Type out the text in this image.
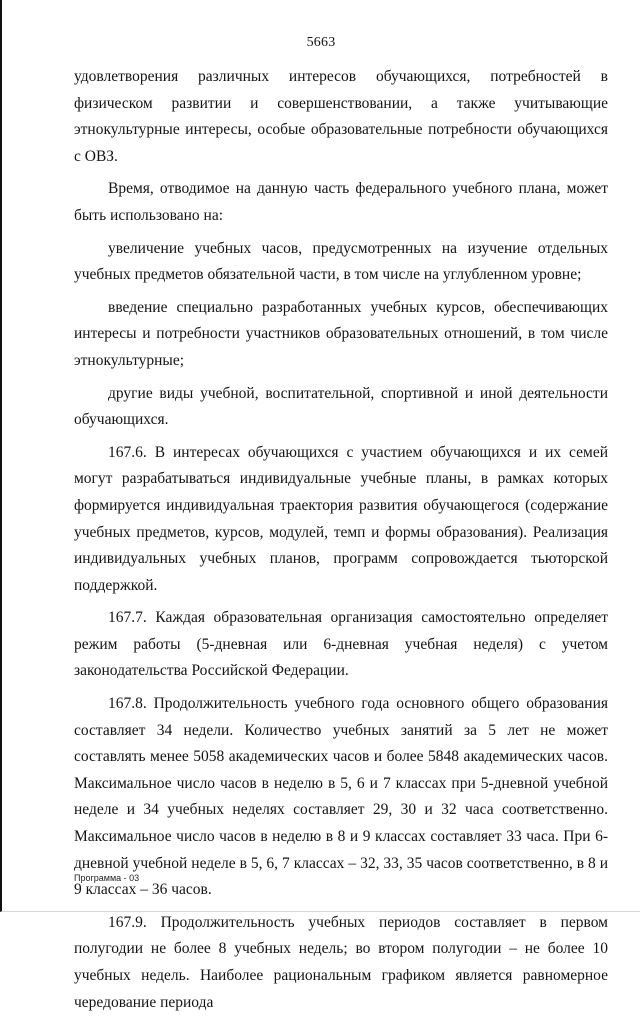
5663

удовлетворения различных интересов обучающихся, потребностей в физическом развитии и совершенствовании, а также учитывающие этнокультурные интересы, особые образовательные потребности обучающихся с ОВЗ.

Время, отводимое на данную часть федерального учебного плана, может быть использовано на:

увеличение учебных часов, предусмотренных на изучение отдельных учебных предметов обязательной части, в том числе на углубленном уровне;

введение специально разработанных учебных курсов, обеспечивающих интересы и потребности участников образовательных отношений, в том числе этнокультурные;

другие виды учебной, воспитательной, спортивной и иной деятельности обучающихся.

167.6. В интересах обучающихся с участием обучающихся и их семей могут разрабатываться индивидуальные учебные планы, в рамках которых формируется индивидуальная траектория развития обучающегося (содержание учебных предметов, курсов, модулей, темп и формы образования). Реализация индивидуальных учебных планов, программ сопровождается тьюторской поддержкой.

167.7. Каждая образовательная организация самостоятельно определяет режим работы (5-дневная или 6-дневная учебная неделя) с учетом законодательства Российской Федерации.

167.8. Продолжительность учебного года основного общего образования составляет 34 недели. Количество учебных занятий за 5 лет не может составлять менее 5058 академических часов и более 5848 академических часов. Максимальное число часов в неделю в 5, 6 и 7 классах при 5-дневной учебной неделе и 34 учебных неделях составляет 29, 30 и 32 часа соответственно. Максимальное число часов в неделю в 8 и 9 классах составляет 33 часа. При 6-дневной учебной неделе в 5, 6, 7 классах – 32, 33, 35 часов соответственно, в 8 и 9 классах – 36 часов.

167.9. Продолжительность учебных периодов составляет в первом полугодии не более 8 учебных недель; во втором полугодии – не более 10 учебных недель. Наиболее рациональным графиком является равномерное чередование периода

Программа - 03
